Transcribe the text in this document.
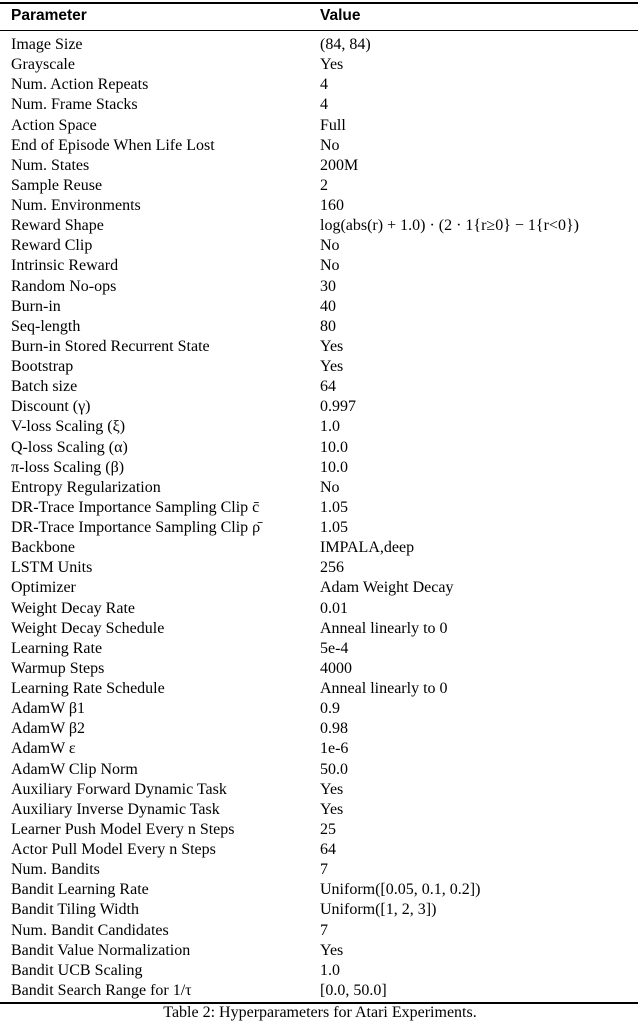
Parameter	Value
Image Size	(84, 84)
Grayscale	Yes
Num. Action Repeats	4
Num. Frame Stacks	4
Action Space	Full
End of Episode When Life Lost	No
Num. States	200M
Sample Reuse	2
Num. Environments	160
Reward Shape	log(abs(r) + 1.0) · (2 · 1{r≥0} − 1{r<0})
Reward Clip	No
Intrinsic Reward	No
Random No-ops	30
Burn-in	40
Seq-length	80
Burn-in Stored Recurrent State	Yes
Bootstrap	Yes
Batch size	64
Discount (γ)	0.997
V-loss Scaling (ξ)	1.0
Q-loss Scaling (α)	10.0
π-loss Scaling (β)	10.0
Entropy Regularization	No
DR-Trace Importance Sampling Clip c̄	1.05
DR-Trace Importance Sampling Clip ρ̄	1.05
Backbone	IMPALA,deep
LSTM Units	256
Optimizer	Adam Weight Decay
Weight Decay Rate	0.01
Weight Decay Schedule	Anneal linearly to 0
Learning Rate	5e-4
Warmup Steps	4000
Learning Rate Schedule	Anneal linearly to 0
AdamW β1	0.9
AdamW β2	0.98
AdamW ε	1e-6
AdamW Clip Norm	50.0
Auxiliary Forward Dynamic Task	Yes
Auxiliary Inverse Dynamic Task	Yes
Learner Push Model Every n Steps	25
Actor Pull Model Every n Steps	64
Num. Bandits	7
Bandit Learning Rate	Uniform([0.05, 0.1, 0.2])
Bandit Tiling Width	Uniform([1, 2, 3])
Num. Bandit Candidates	7
Bandit Value Normalization	Yes
Bandit UCB Scaling	1.0
Bandit Search Range for 1/τ	[0.0, 50.0]
Table 2: Hyperparameters for Atari Experiments.
